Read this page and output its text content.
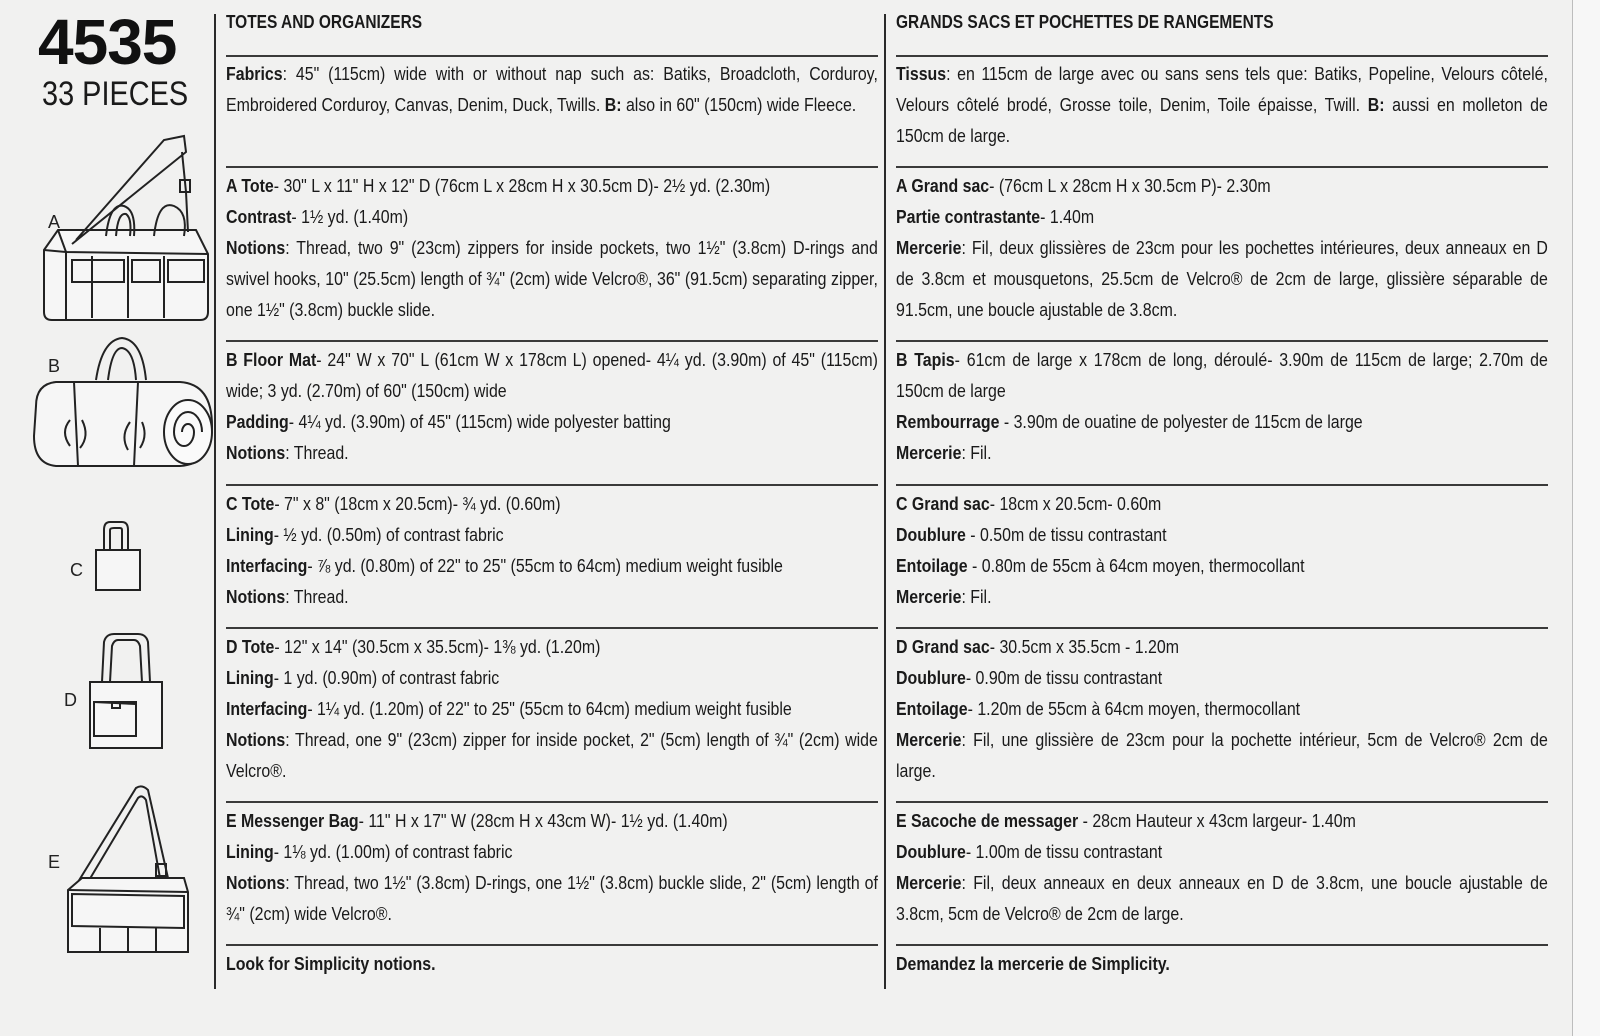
4535
33 PIECES
A
B
C
D
E
TOTES AND ORGANIZERS

Fabrics: 45" (115cm) wide with or without nap such as: Batiks, Broadcloth, Corduroy, Embroidered Corduroy, Canvas, Denim, Duck, Twills. B: also in 60" (150cm) wide Fleece.

A Tote- 30" L x 11" H x 12" D (76cm L x 28cm H x 30.5cm D)- 2½ yd. (2.30m)

Contrast- 1½ yd. (1.40m)

Notions: Thread, two 9" (23cm) zippers for inside pockets, two 1½" (3.8cm) D-rings and swivel hooks, 10" (25.5cm) length of ¾" (2cm) wide Velcro®, 36" (91.5cm) separating zipper, one 1½" (3.8cm) buckle slide.

B Floor Mat- 24" W x 70" L (61cm W x 178cm L) opened- 4¼ yd. (3.90m) of 45" (115cm) wide; 3 yd. (2.70m) of 60" (150cm) wide

Padding- 4¼ yd. (3.90m) of 45" (115cm) wide polyester batting

Notions: Thread.

C Tote- 7" x 8" (18cm x 20.5cm)- ¾ yd. (0.60m)

Lining- ½ yd. (0.50m) of contrast fabric

Interfacing- ⅞ yd. (0.80m) of 22" to 25" (55cm to 64cm) medium weight fusible

Notions: Thread.

D Tote- 12" x 14" (30.5cm x 35.5cm)- 1⅜ yd. (1.20m)

Lining- 1 yd. (0.90m) of contrast fabric

Interfacing- 1¼ yd. (1.20m) of 22" to 25" (55cm to 64cm) medium weight fusible

Notions: Thread, one 9" (23cm) zipper for inside pocket, 2" (5cm) length of ¾" (2cm) wide Velcro®.

E Messenger Bag- 11" H x 17" W (28cm H x 43cm W)- 1½ yd. (1.40m)

Lining- 1⅛ yd. (1.00m) of contrast fabric

Notions: Thread, two 1½" (3.8cm) D-rings, one 1½" (3.8cm) buckle slide, 2" (5cm) length of ¾" (2cm) wide Velcro®.

Look for Simplicity notions.
GRANDS SACS ET POCHETTES DE RANGEMENTS

Tissus: en 115cm de large avec ou sans sens tels que: Batiks, Popeline, Velours côtelé, Velours côtelé brodé, Grosse toile, Denim, Toile épaisse, Twill. B: aussi en molleton de 150cm de large.

A Grand sac- (76cm L x 28cm H x 30.5cm P)- 2.30m

Partie contrastante- 1.40m

Mercerie: Fil, deux glissières de 23cm pour les pochettes intérieures, deux anneaux en D de 3.8cm et mousquetons, 25.5cm de Velcro® de 2cm de large, glissière séparable de 91.5cm, une boucle ajustable de 3.8cm.

B Tapis- 61cm de large x 178cm de long, déroulé- 3.90m de 115cm de large; 2.70m de 150cm de large

Rembourrage - 3.90m de ouatine de polyester de 115cm de large

Mercerie: Fil.

C Grand sac- 18cm x 20.5cm- 0.60m

Doublure - 0.50m de tissu contrastant

Entoilage - 0.80m de 55cm à 64cm moyen, thermocollant

Mercerie: Fil.

D Grand sac- 30.5cm x 35.5cm - 1.20m

Doublure- 0.90m de tissu contrastant

Entoilage- 1.20m de 55cm à 64cm moyen, thermocollant

Mercerie: Fil, une glissière de 23cm pour la pochette intérieur, 5cm de Velcro® 2cm de large.

E Sacoche de messager - 28cm Hauteur x 43cm largeur- 1.40m

Doublure- 1.00m de tissu contrastant

Mercerie: Fil, deux anneaux en deux anneaux en D de 3.8cm, une boucle ajustable de 3.8cm, 5cm de Velcro® de 2cm de large.

Demandez la mercerie de Simplicity.
